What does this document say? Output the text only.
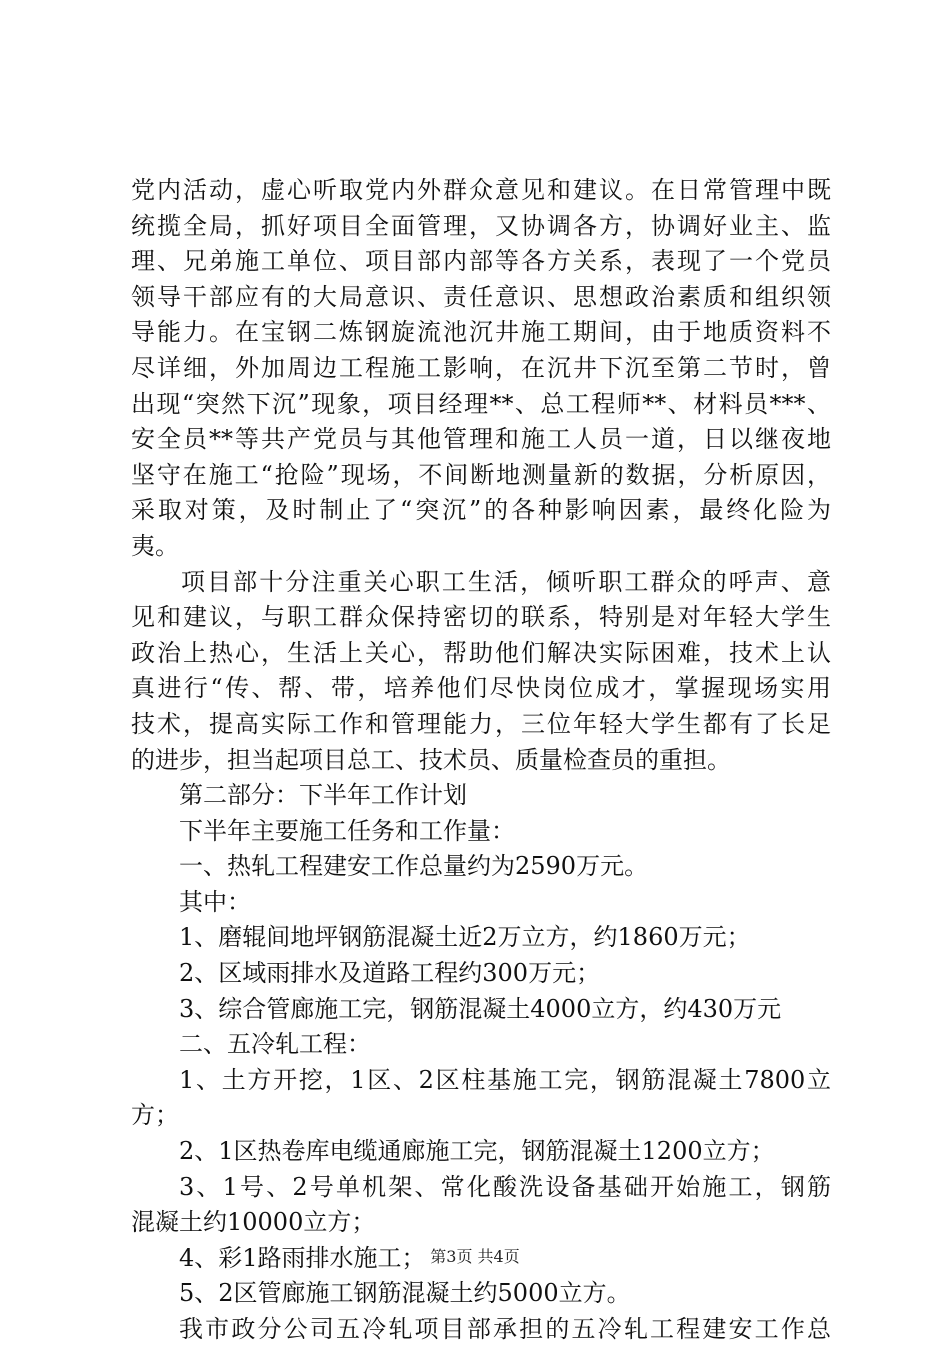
党内活动，虚心听取党内外群众意见和建议。在日常管理中既
统揽全局，抓好项目全面管理，又协调各方，协调好业主、监
理、兄弟施工单位、项目部内部等各方关系，表现了一个党员
领导干部应有的大局意识、责任意识、思想政治素质和组织领
导能力。在宝钢二炼钢旋流池沉井施工期间，由于地质资料不
尽详细，外加周边工程施工影响，在沉井下沉至第二节时，曾
出现“突然下沉”现象，项目经理**、总工程师**、材料员***、
安全员**等共产党员与其他管理和施工人员一道，日以继夜地
坚守在施工“抢险”现场，不间断地测量新的数据，分析原因，
采取对策，及时制止了“突沉”的各种影响因素，最终化险为
夷。
项目部十分注重关心职工生活，倾听职工群众的呼声、意
见和建议，与职工群众保持密切的联系，特别是对年轻大学生
政治上热心，生活上关心，帮助他们解决实际困难，技术上认
真进行“传、帮、带，培养他们尽快岗位成才，掌握现场实用
技术，提高实际工作和管理能力，三位年轻大学生都有了长足
的进步，担当起项目总工、技术员、质量检查员的重担。
第二部分：下半年工作计划
下半年主要施工任务和工作量：
一、热轧工程建安工作总量约为2590万元。
其中：
1、磨辊间地坪钢筋混凝土近2万立方，约1860万元；
2、区域雨排水及道路工程约300万元；
3、综合管廊施工完，钢筋混凝土4000立方，约430万元
二、五冷轧工程：
1、土方开挖，1区、2区柱基施工完，钢筋混凝土7800立
方；
2、1区热卷库电缆通廊施工完，钢筋混凝土1200立方；
3、1号、2号单机架、常化酸洗设备基础开始施工，钢筋
混凝土约10000立方；
4、彩1路雨排水施工；
5、2区管廊施工钢筋混凝土约5000立方。
我市政分公司五冷轧项目部承担的五冷轧工程建安工作总
第3页 共4页
